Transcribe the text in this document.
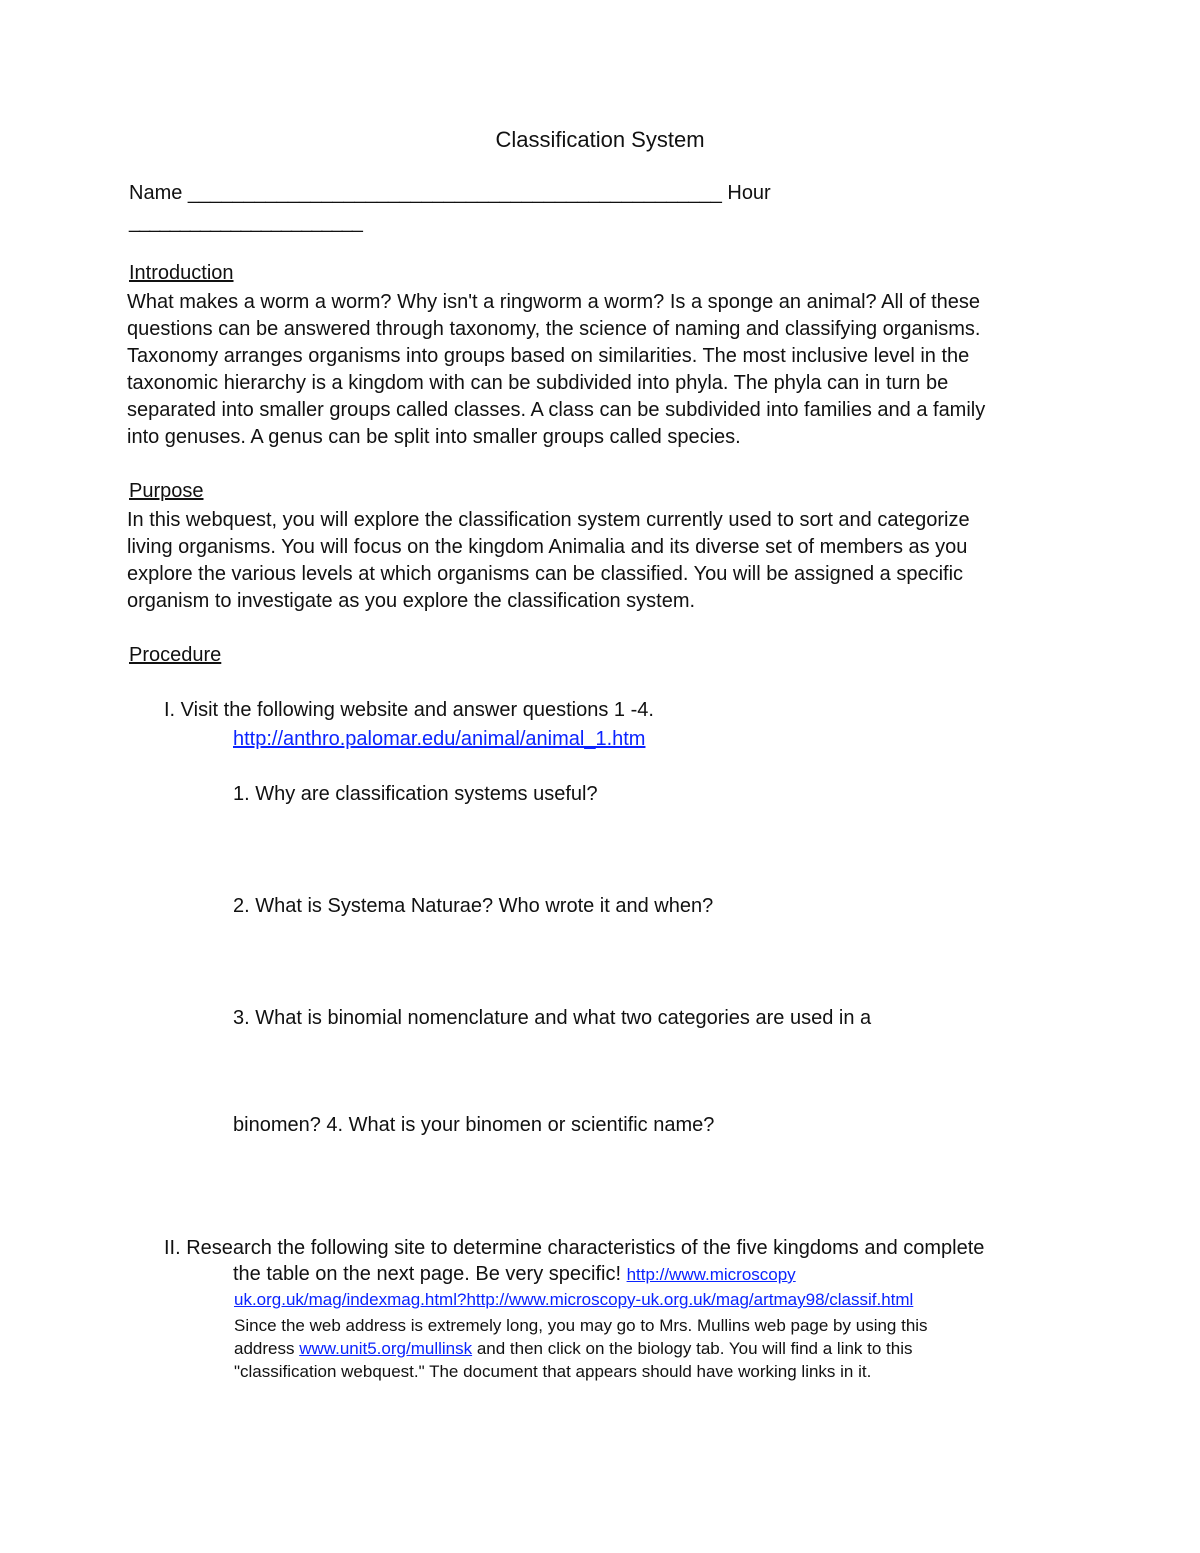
Classification System
Name ________________________________________________ Hour
_______________________
Introduction
What makes a worm a worm? Why isn't a ringworm a worm? Is a sponge an animal? All of these
questions can be answered through taxonomy, the science of naming and classifying organisms.
Taxonomy arranges organisms into groups based on similarities. The most inclusive level in the
taxonomic hierarchy is a kingdom with can be subdivided into phyla. The phyla can in turn be
separated into smaller groups called classes. A class can be subdivided into families and a family
into genuses. A genus can be split into smaller groups called species.
Purpose
In this webquest, you will explore the classification system currently used to sort and categorize
living organisms. You will focus on the kingdom Animalia and its diverse set of members as you
explore the various levels at which organisms can be classified. You will be assigned a specific
organism to investigate as you explore the classification system.
Procedure
I. Visit the following website and answer questions 1 -4.
http://anthro.palomar.edu/animal/animal_1.htm
1. Why are classification systems useful?
2. What is Systema Naturae? Who wrote it and when?
3. What is binomial nomenclature and what two categories are used in a
binomen? 4. What is your binomen or scientific name?
II. Research the following site to determine characteristics of the five kingdoms and complete
the table on the next page. Be very specific! http://www.microscopy
uk.org.uk/mag/indexmag.html?http://www.microscopy-uk.org.uk/mag/artmay98/classif.html
Since the web address is extremely long, you may go to Mrs. Mullins web page by using this
address www.unit5.org/mullinsk and then click on the biology tab. You will find a link to this
"classification webquest." The document that appears should have working links in it.
